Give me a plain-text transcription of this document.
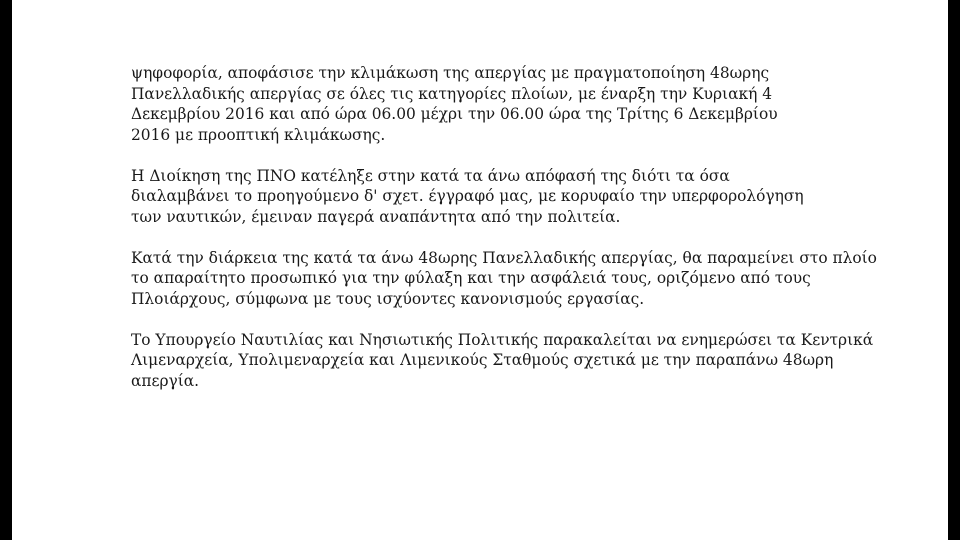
ψηφοφορία, αποφάσισε την κλιμάκωση της απεργίας με πραγματοποίηση 48ωρης
Πανελλαδικής απεργίας σε όλες τις κατηγορίες πλοίων, με έναρξη την Κυριακή 4
Δεκεμβρίου 2016 και από ώρα 06.00 μέχρι την 06.00 ώρα της Τρίτης 6 Δεκεμβρίου
2016 με προοπτική κλιμάκωσης.

Η Διοίκηση της ΠΝΟ κατέληξε στην κατά τα άνω απόφασή της διότι τα όσα
διαλαμβάνει το προηγούμενο δ' σχετ. έγγραφό μας, με κορυφαίο την υπερφορολόγηση
των ναυτικών, έμειναν παγερά αναπάντητα από την πολιτεία.

Κατά την διάρκεια της κατά τα άνω 48ωρης Πανελλαδικής απεργίας, θα παραμείνει στο πλοίο
το απαραίτητο προσωπικό για την φύλαξη και την ασφάλειά τους, οριζόμενο από τους
Πλοιάρχους, σύμφωνα με τους ισχύοντες κανονισμούς εργασίας.

Το Υπουργείο Ναυτιλίας και Νησιωτικής Πολιτικής παρακαλείται να ενημερώσει τα Κεντρικά
Λιμεναρχεία, Υπολιμεναρχεία και Λιμενικούς Σταθμούς σχετικά με την παραπάνω 48ωρη
απεργία.
